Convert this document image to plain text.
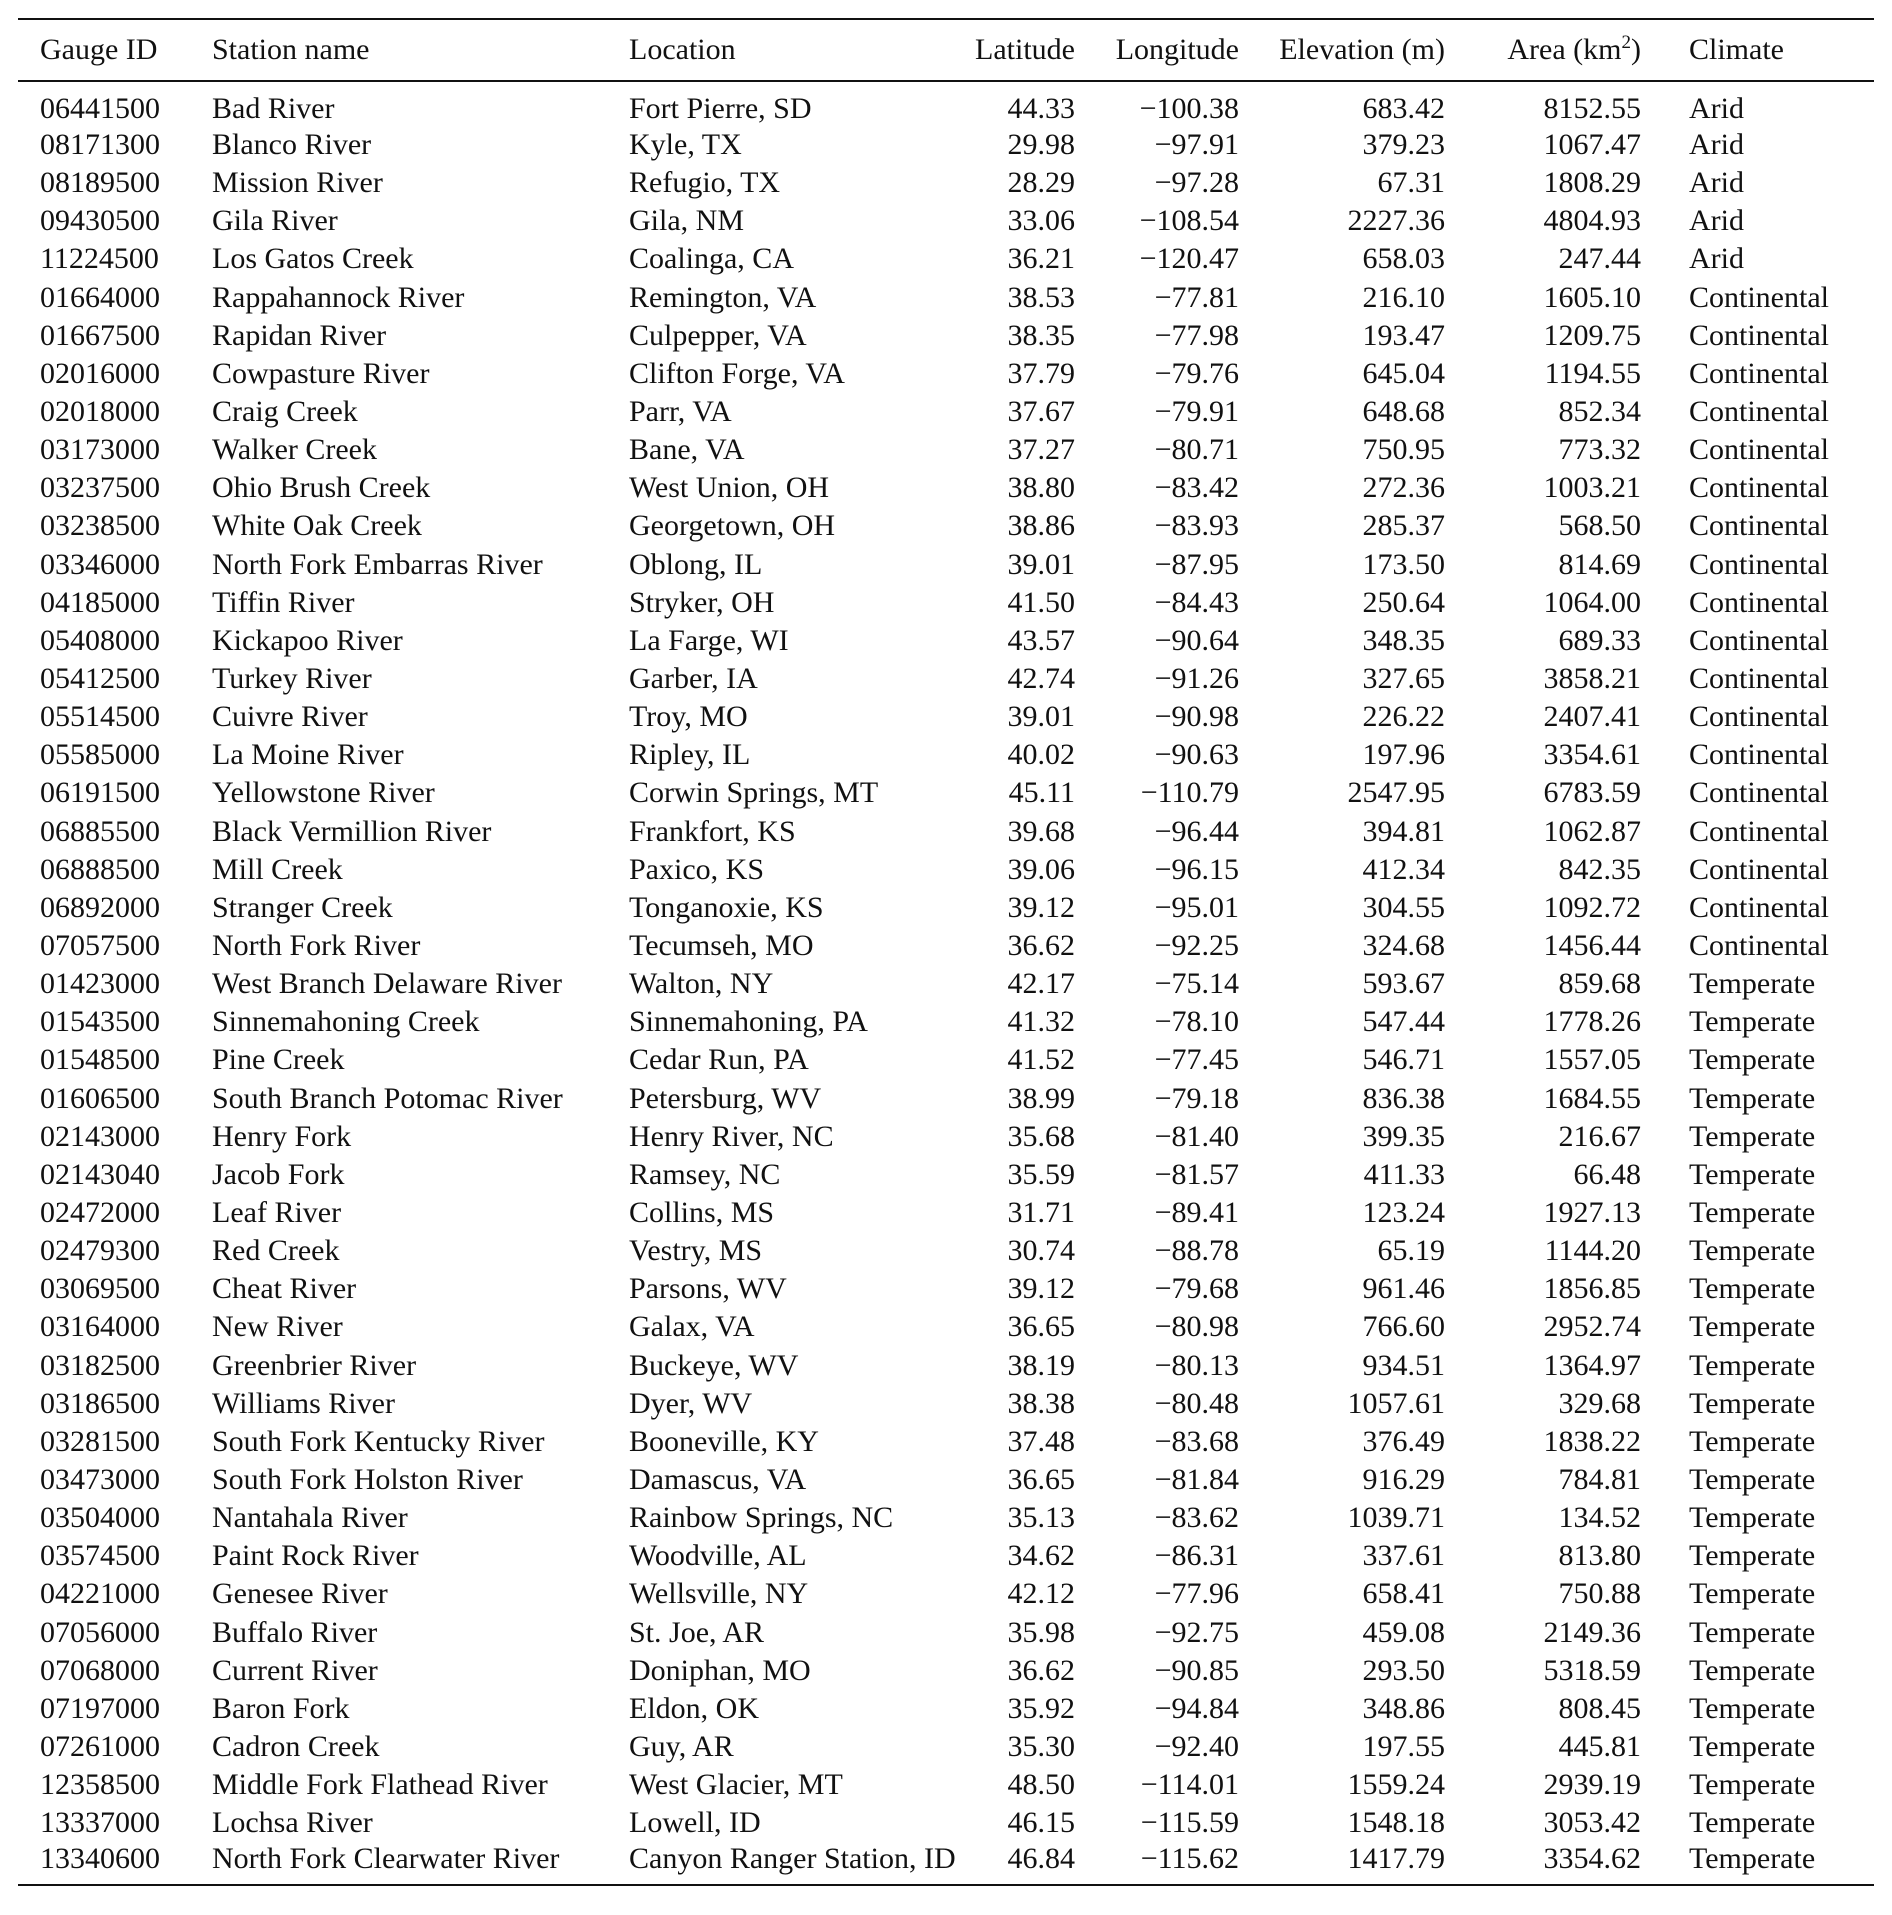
Gauge ID	Station name	Location	Latitude	Longitude	Elevation (m)	Area $(km^2)$	Climate
06441500	Bad River	Fort Pierre, SD	44.33	−100.38	683.42	8152.55	Arid
08171300	Blanco River	Kyle, TX	29.98	−97.91	379.23	1067.47	Arid
08189500	Mission River	Refugio, TX	28.29	−97.28	67.31	1808.29	Arid
09430500	Gila River	Gila, NM	33.06	−108.54	2227.36	4804.93	Arid
11224500	Los Gatos Creek	Coalinga, CA	36.21	−120.47	658.03	247.44	Arid
01664000	Rappahannock River	Remington, VA	38.53	−77.81	216.10	1605.10	Continental
01667500	Rapidan River	Culpepper, VA	38.35	−77.98	193.47	1209.75	Continental
02016000	Cowpasture River	Clifton Forge, VA	37.79	−79.76	645.04	1194.55	Continental
02018000	Craig Creek	Parr, VA	37.67	−79.91	648.68	852.34	Continental
03173000	Walker Creek	Bane, VA	37.27	−80.71	750.95	773.32	Continental
03237500	Ohio Brush Creek	West Union, OH	38.80	−83.42	272.36	1003.21	Continental
03238500	White Oak Creek	Georgetown, OH	38.86	−83.93	285.37	568.50	Continental
03346000	North Fork Embarras River	Oblong, IL	39.01	−87.95	173.50	814.69	Continental
04185000	Tiffin River	Stryker, OH	41.50	−84.43	250.64	1064.00	Continental
05408000	Kickapoo River	La Farge, WI	43.57	−90.64	348.35	689.33	Continental
05412500	Turkey River	Garber, IA	42.74	−91.26	327.65	3858.21	Continental
05514500	Cuivre River	Troy, MO	39.01	−90.98	226.22	2407.41	Continental
05585000	La Moine River	Ripley, IL	40.02	−90.63	197.96	3354.61	Continental
06191500	Yellowstone River	Corwin Springs, MT	45.11	−110.79	2547.95	6783.59	Continental
06885500	Black Vermillion River	Frankfort, KS	39.68	−96.44	394.81	1062.87	Continental
06888500	Mill Creek	Paxico, KS	39.06	−96.15	412.34	842.35	Continental
06892000	Stranger Creek	Tonganoxie, KS	39.12	−95.01	304.55	1092.72	Continental
07057500	North Fork River	Tecumseh, MO	36.62	−92.25	324.68	1456.44	Continental
01423000	West Branch Delaware River	Walton, NY	42.17	−75.14	593.67	859.68	Temperate
01543500	Sinnemahoning Creek	Sinnemahoning, PA	41.32	−78.10	547.44	1778.26	Temperate
01548500	Pine Creek	Cedar Run, PA	41.52	−77.45	546.71	1557.05	Temperate
01606500	South Branch Potomac River	Petersburg, WV	38.99	−79.18	836.38	1684.55	Temperate
02143000	Henry Fork	Henry River, NC	35.68	−81.40	399.35	216.67	Temperate
02143040	Jacob Fork	Ramsey, NC	35.59	−81.57	411.33	66.48	Temperate
02472000	Leaf River	Collins, MS	31.71	−89.41	123.24	1927.13	Temperate
02479300	Red Creek	Vestry, MS	30.74	−88.78	65.19	1144.20	Temperate
03069500	Cheat River	Parsons, WV	39.12	−79.68	961.46	1856.85	Temperate
03164000	New River	Galax, VA	36.65	−80.98	766.60	2952.74	Temperate
03182500	Greenbrier River	Buckeye, WV	38.19	−80.13	934.51	1364.97	Temperate
03186500	Williams River	Dyer, WV	38.38	−80.48	1057.61	329.68	Temperate
03281500	South Fork Kentucky River	Booneville, KY	37.48	−83.68	376.49	1838.22	Temperate
03473000	South Fork Holston River	Damascus, VA	36.65	−81.84	916.29	784.81	Temperate
03504000	Nantahala River	Rainbow Springs, NC	35.13	−83.62	1039.71	134.52	Temperate
03574500	Paint Rock River	Woodville, AL	34.62	−86.31	337.61	813.80	Temperate
04221000	Genesee River	Wellsville, NY	42.12	−77.96	658.41	750.88	Temperate
07056000	Buffalo River	St. Joe, AR	35.98	−92.75	459.08	2149.36	Temperate
07068000	Current River	Doniphan, MO	36.62	−90.85	293.50	5318.59	Temperate
07197000	Baron Fork	Eldon, OK	35.92	−94.84	348.86	808.45	Temperate
07261000	Cadron Creek	Guy, AR	35.30	−92.40	197.55	445.81	Temperate
12358500	Middle Fork Flathead River	West Glacier, MT	48.50	−114.01	1559.24	2939.19	Temperate
13337000	Lochsa River	Lowell, ID	46.15	−115.59	1548.18	3053.42	Temperate
13340600	North Fork Clearwater River	Canyon Ranger Station, ID	46.84	−115.62	1417.79	3354.62	Temperate
